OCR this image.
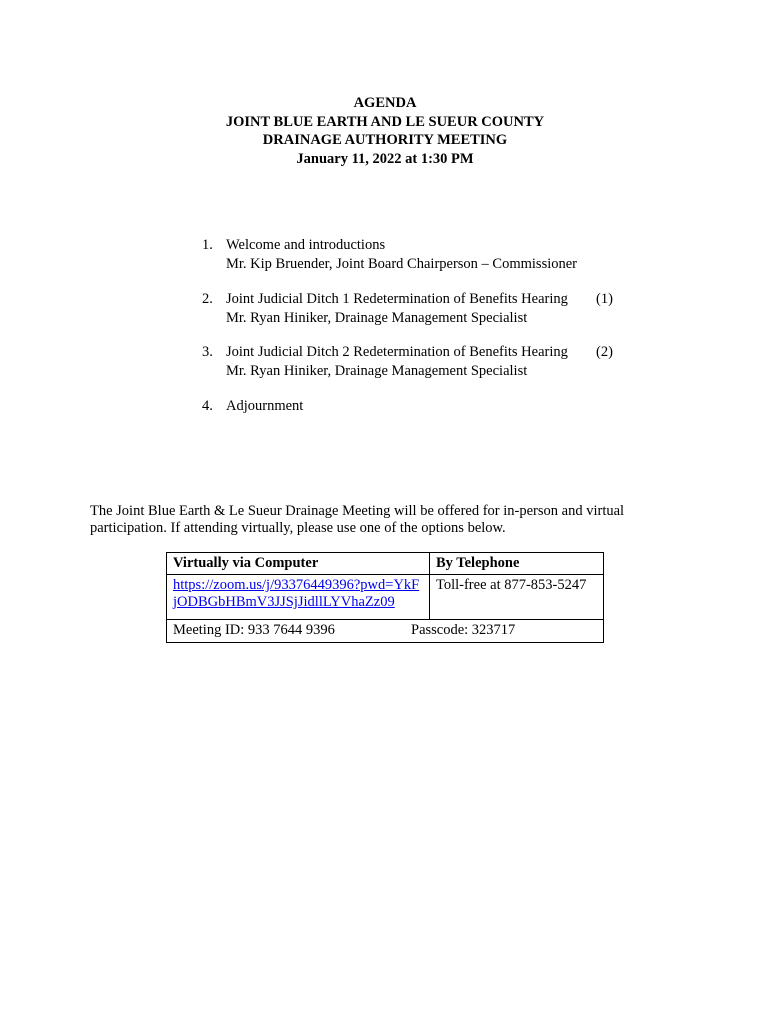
AGENDA
JOINT BLUE EARTH AND LE SUEUR COUNTY
DRAINAGE AUTHORITY MEETING
January 11, 2022 at 1:30 PM
1. Welcome and introductions
Mr. Kip Bruender, Joint Board Chairperson – Commissioner
2. Joint Judicial Ditch 1 Redetermination of Benefits Hearing (1)
Mr. Ryan Hiniker, Drainage Management Specialist
3. Joint Judicial Ditch 2 Redetermination of Benefits Hearing (2)
Mr. Ryan Hiniker, Drainage Management Specialist
4. Adjournment
The Joint Blue Earth & Le Sueur Drainage Meeting will be offered for in-person and virtual participation. If attending virtually, please use one of the options below.
Virtually via Computer	By Telephone
https://zoom.us/j/93376449396?pwd=YkFjODBGbHBmV3JJSjJidllLYVhaZz09	Toll-free at 877-853-5247

Meeting ID: 933 7644 9396 Passcode: 323717	
